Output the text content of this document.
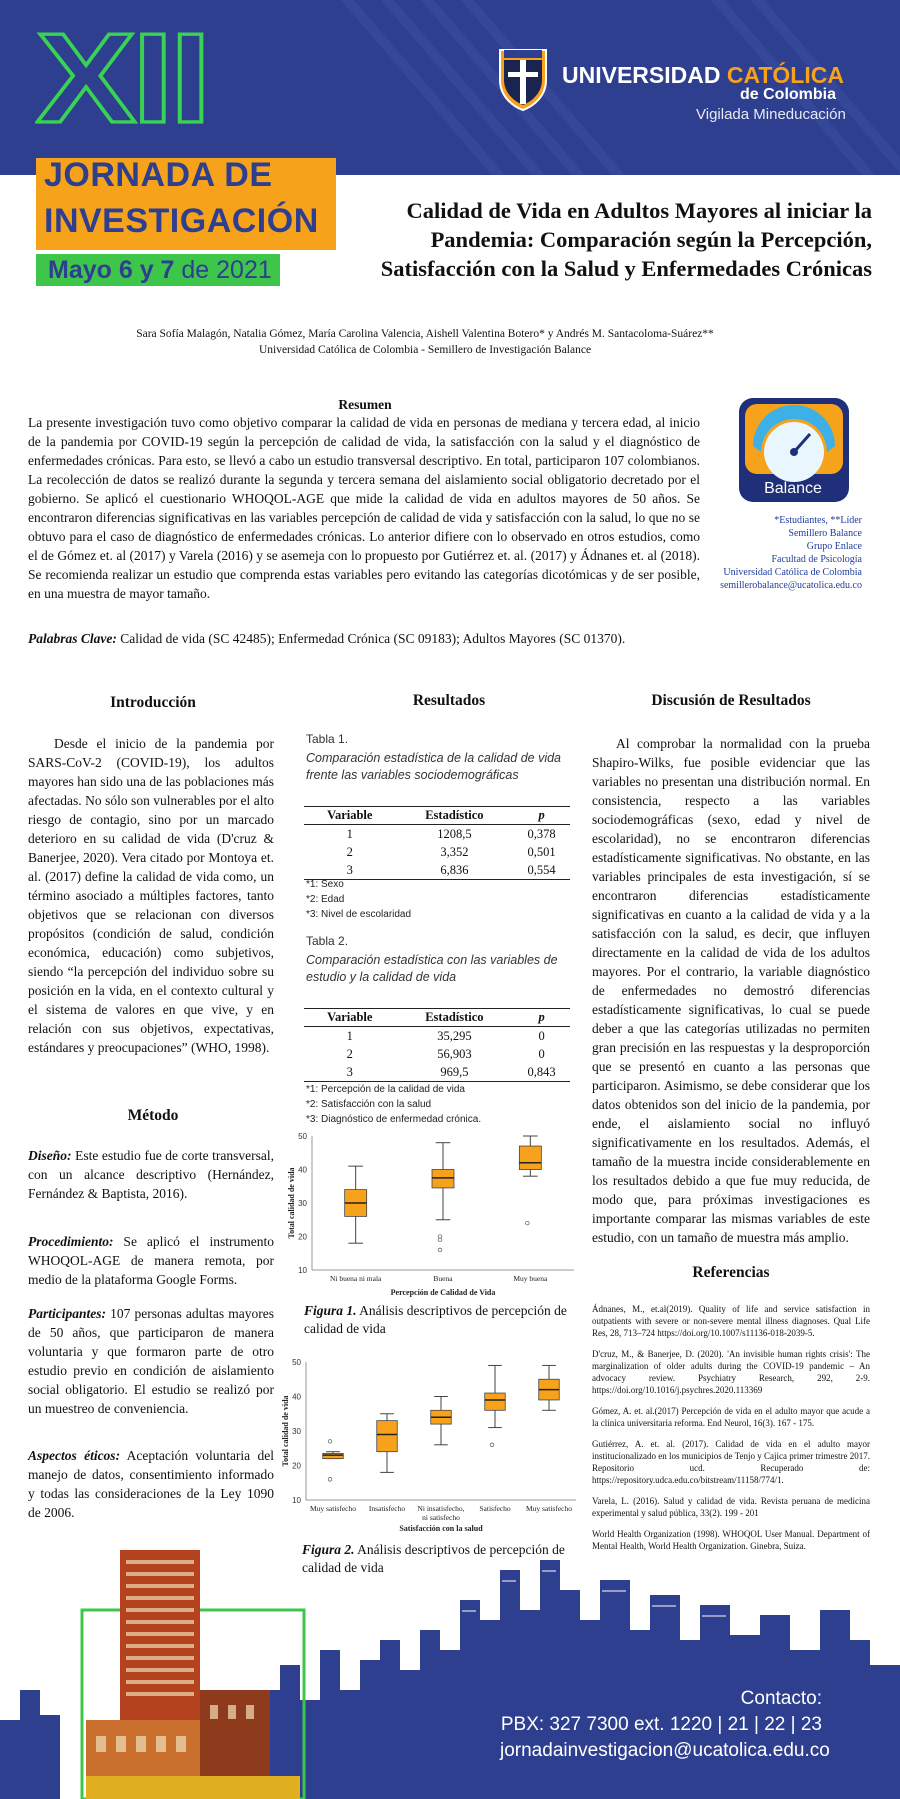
XII
JORNADA DE
INVESTIGACIÓN
Mayo 6 y 7 de 2021
UNIVERSIDAD CATÓLICA
de Colombia
Vigilada Mineducación
Calidad de Vida en Adultos Mayores al iniciar la Pandemia: Comparación según la Percepción, Satisfacción con la Salud y Enfermedades Crónicas
Sara Sofía Malagón, Natalia Gómez, María Carolina Valencia, Aishell Valentina Botero* y Andrés M. Santacoloma-Suárez**
Universidad Católica de Colombia - Semillero de Investigación Balance
Resumen

La presente investigación tuvo como objetivo comparar la calidad de vida en personas de mediana y tercera edad, al inicio de la pandemia por COVID-19 según la percepción de calidad de vida, la satisfacción con la salud y el diagnóstico de enfermedades crónicas. Para esto, se llevó a cabo un estudio transversal descriptivo. En total, participaron 107 colombianos. La recolección de datos se realizó durante la segunda y tercera semana del aislamiento social obligatorio decretado por el gobierno. Se aplicó el cuestionario WHOQOL-AGE que mide la calidad de vida en adultos mayores de 50 años. Se encontraron diferencias significativas en las variables percepción de calidad de vida y satisfacción con la salud, lo que no se obtuvo para el caso de diagnóstico de enfermedades crónicas. Lo anterior difiere con lo observado en otros estudios, como el de Gómez et. al (2017) y Varela (2016) y se asemeja con lo propuesto por Gutiérrez et. al. (2017) y Ádnanes et. al (2018). Se recomienda realizar un estudio que comprenda estas variables pero evitando las categorías dicotómicas y de ser posible, en una muestra de mayor tamaño.

Balance
*Estudiantes, **Líder
Semillero Balance
Grupo Enlace
Facultad de Psicología
Universidad Católica de Colombia
semillerobalance@ucatolica.edu.co
Palabras Clave: Calidad de vida (SC 42485); Enfermedad Crónica (SC 09183); Adultos Mayores (SC 01370).
Introducción

Desde el inicio de la pandemia por SARS-CoV-2 (COVID-19), los adultos mayores han sido una de las poblaciones más afectadas. No sólo son vulnerables por el alto riesgo de contagio, sino por un marcado deterioro en su calidad de vida (D'cruz & Banerjee, 2020). Vera citado por Montoya et. al. (2017) define la calidad de vida como, un término asociado a múltiples factores, tanto objetivos que se relacionan con diversos propósitos (condición de salud, condición económica, educación) como subjetivos, siendo “la percepción del individuo sobre su posición en la vida, en el contexto cultural y el sistema de valores en que vive, y en relación con sus objetivos, expectativas, estándares y preocupaciones” (WHO, 1998).

Método

Diseño: Este estudio fue de corte transversal, con un alcance descriptivo (Hernández, Fernández & Baptista, 2016).

Procedimiento: Se aplicó el instrumento WHOQOL-AGE de manera remota, por medio de la plataforma Google Forms.

Participantes: 107 personas adultas mayores de 50 años, que participaron de manera voluntaria y que formaron parte de otro estudio previo en condición de aislamiento social obligatorio. El estudio se realizó por un muestreo de conveniencia.

Aspectos éticos: Aceptación voluntaria del manejo de datos, consentimiento informado y todas las consideraciones de la Ley 1090 de 2006.

Resultados
Tabla 1.
Comparación estadística de la calidad de vida frente las variables sociodemográficas
Variable	Estadístico	p
1	1208,5	0,378
2	3,352	0,501
3	6,836	0,554
*1: Sexo
*2: Edad
*3: Nivel de escolaridad
Tabla 2.
Comparación estadística con las variables de estudio y la calidad de vida
Variable	Estadístico	p
1	35,295	0
2	56,903	0
3	969,5	0,843
*1: Percepción de la calidad de vida
*2: Satisfacción con la salud
*3: Diagnóstico de enfermedad crónica.
10
20
30
40
50
Total calidad de vida
Ni buena ni mala	Buena	Muy buena
Percepción de Calidad de Vida
Figura 1. Análisis descriptivos de percepción de calidad de vida
10
20
30
40
50
Total calidad de vida
Muy satisfecho Insatisfecho Ni insatisfecho,
ni satisfecho
Satisfecho Muy satisfecho
Satisfacción con la salud
Figura 2. Análisis descriptivos de percepción de calidad de vida
Discusión de Resultados

Al comprobar la normalidad con la prueba Shapiro-Wilks, fue posible evidenciar que las variables no presentan una distribución normal. En consistencia, respecto a las variables sociodemográficas (sexo, edad y nivel de escolaridad), no se encontraron diferencias estadísticamente significativas. No obstante, en las variables principales de esta investigación, sí se encontraron diferencias estadísticamente significativas en cuanto a la calidad de vida y a la satisfacción con la salud, es decir, que influyen directamente en la calidad de vida de los adultos mayores. Por el contrario, la variable diagnóstico de enfermedades no demostró diferencias estadísticamente significativas, lo cual se puede deber a que las categorías utilizadas no permiten gran precisión en las respuestas y la desproporción que se presentó en cuanto a las personas que participaron. Asimismo, se debe considerar que los datos obtenidos son del inicio de la pandemia, por ende, el aislamiento social no influyó significativamente en los resultados. Además, el tamaño de la muestra incide considerablemente en los resultados debido a que fue muy reducida, de modo que, para próximas investigaciones es importante comparar las mismas variables de este estudio, con un tamaño de muestra más amplio.

Referencias

Ádnanes, M., et.al(2019). Quality of life and service satisfaction in outpatients with severe or non-severe mental illness diagnoses. Qual Life Res, 28, 713–724 https://doi.org/10.1007/s11136-018-2039-5.

D'cruz, M., & Banerjee, D. (2020). 'An invisible human rights crisis': The marginalization of older adults during the COVID-19 pandemic – An advocacy review. Psychiatry Research, 292, 2-9. https://doi.org/10.1016/j.psychres.2020.113369

Gómez, A. et. al.(2017) Percepción de vida en el adulto mayor que acude a la clínica universitaria reforma. End Neurol, 16(3). 167 - 175.

Gutiérrez, A. et. al. (2017). Calidad de vida en el adulto mayor institucionalizado en los municipios de Tenjo y Cajica primer trimestre 2017. Repositorio ucd. Recuperado de: https://repository.udca.edu.co/bitstream/11158/774/1.

Varela, L. (2016). Salud y calidad de vida. Revista peruana de medicina experimental y salud pública, 33(2). 199 - 201

World Health Organization (1998). WHOQOL User Manual. Department of Mental Health, World Health Organization. Ginebra, Suiza.

Contacto:
PBX: 327 7300 ext. 1220 | 21 | 22 | 23
jornadainvestigacion@ucatolica.edu.co
